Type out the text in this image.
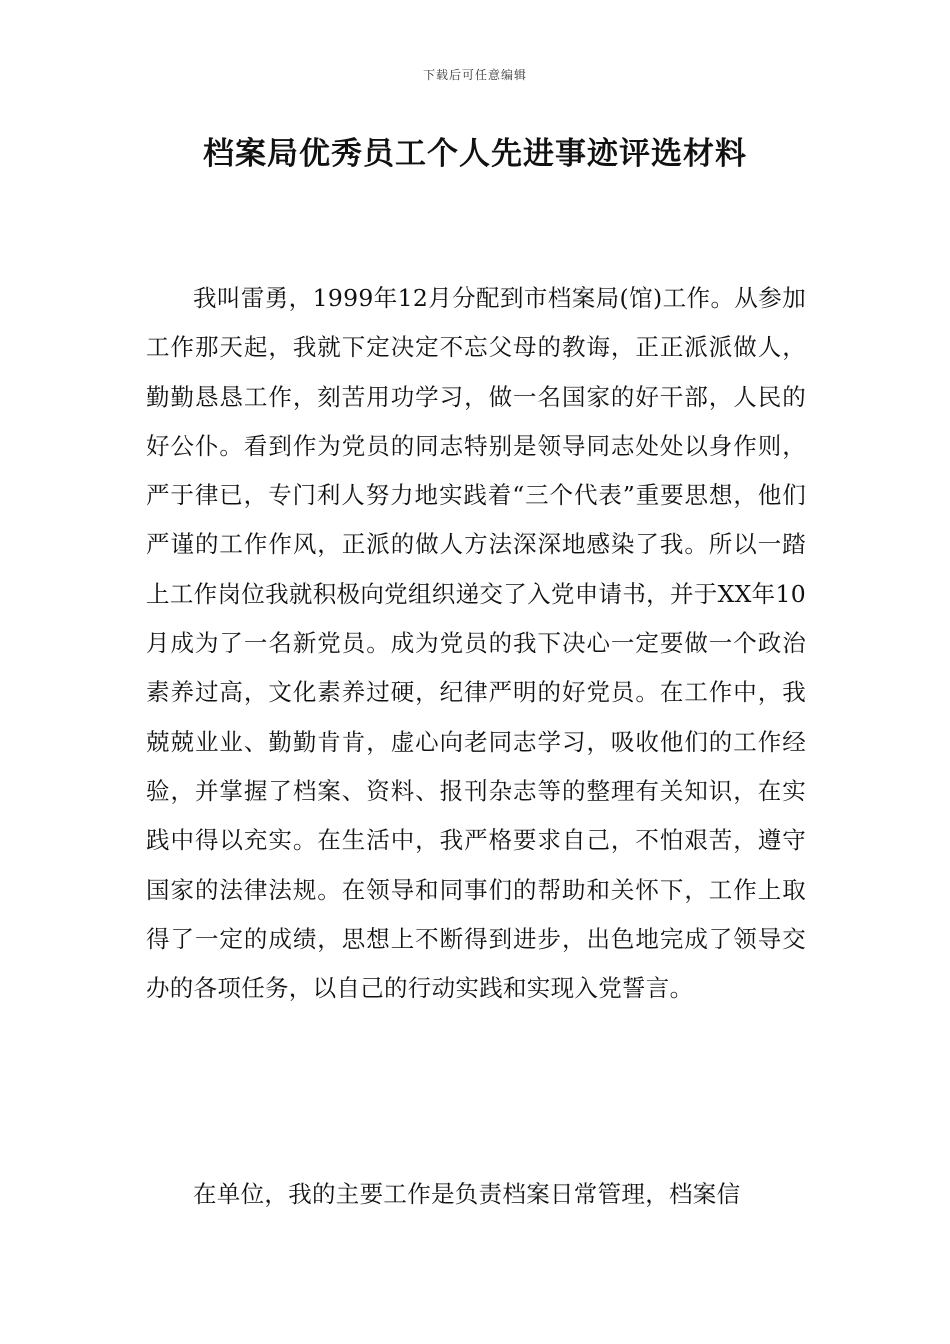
下载后可任意编辑
档案局优秀员工个人先进事迹评选材料

我叫雷勇，1999年12月分配到市档案局(馆)工作。从参加工作那天起，我就下定决定不忘父母的教诲，正正派派做人，勤勤恳恳工作，刻苦用功学习，做一名国家的好干部，人民的好公仆。看到作为党员的同志特别是领导同志处处以身作则，严于律已，专门利人努力地实践着“三个代表”重要思想，他们严谨的工作作风，正派的做人方法深深地感染了我。所以一踏上工作岗位我就积极向党组织递交了入党申请书，并于XX年10月成为了一名新党员。成为党员的我下决心一定要做一个政治素养过高，文化素养过硬，纪律严明的好党员。在工作中，我兢兢业业、勤勤肯肯，虚心向老同志学习，吸收他们的工作经验，并掌握了档案、资料、报刊杂志等的整理有关知识，在实践中得以充实。在生活中，我严格要求自己，不怕艰苦，遵守国家的法律法规。在领导和同事们的帮助和关怀下，工作上取得了一定的成绩，思想上不断得到进步，出色地完成了领导交办的各项任务，以自己的行动实践和实现入党誓言。

在单位，我的主要工作是负责档案日常管理，档案信
